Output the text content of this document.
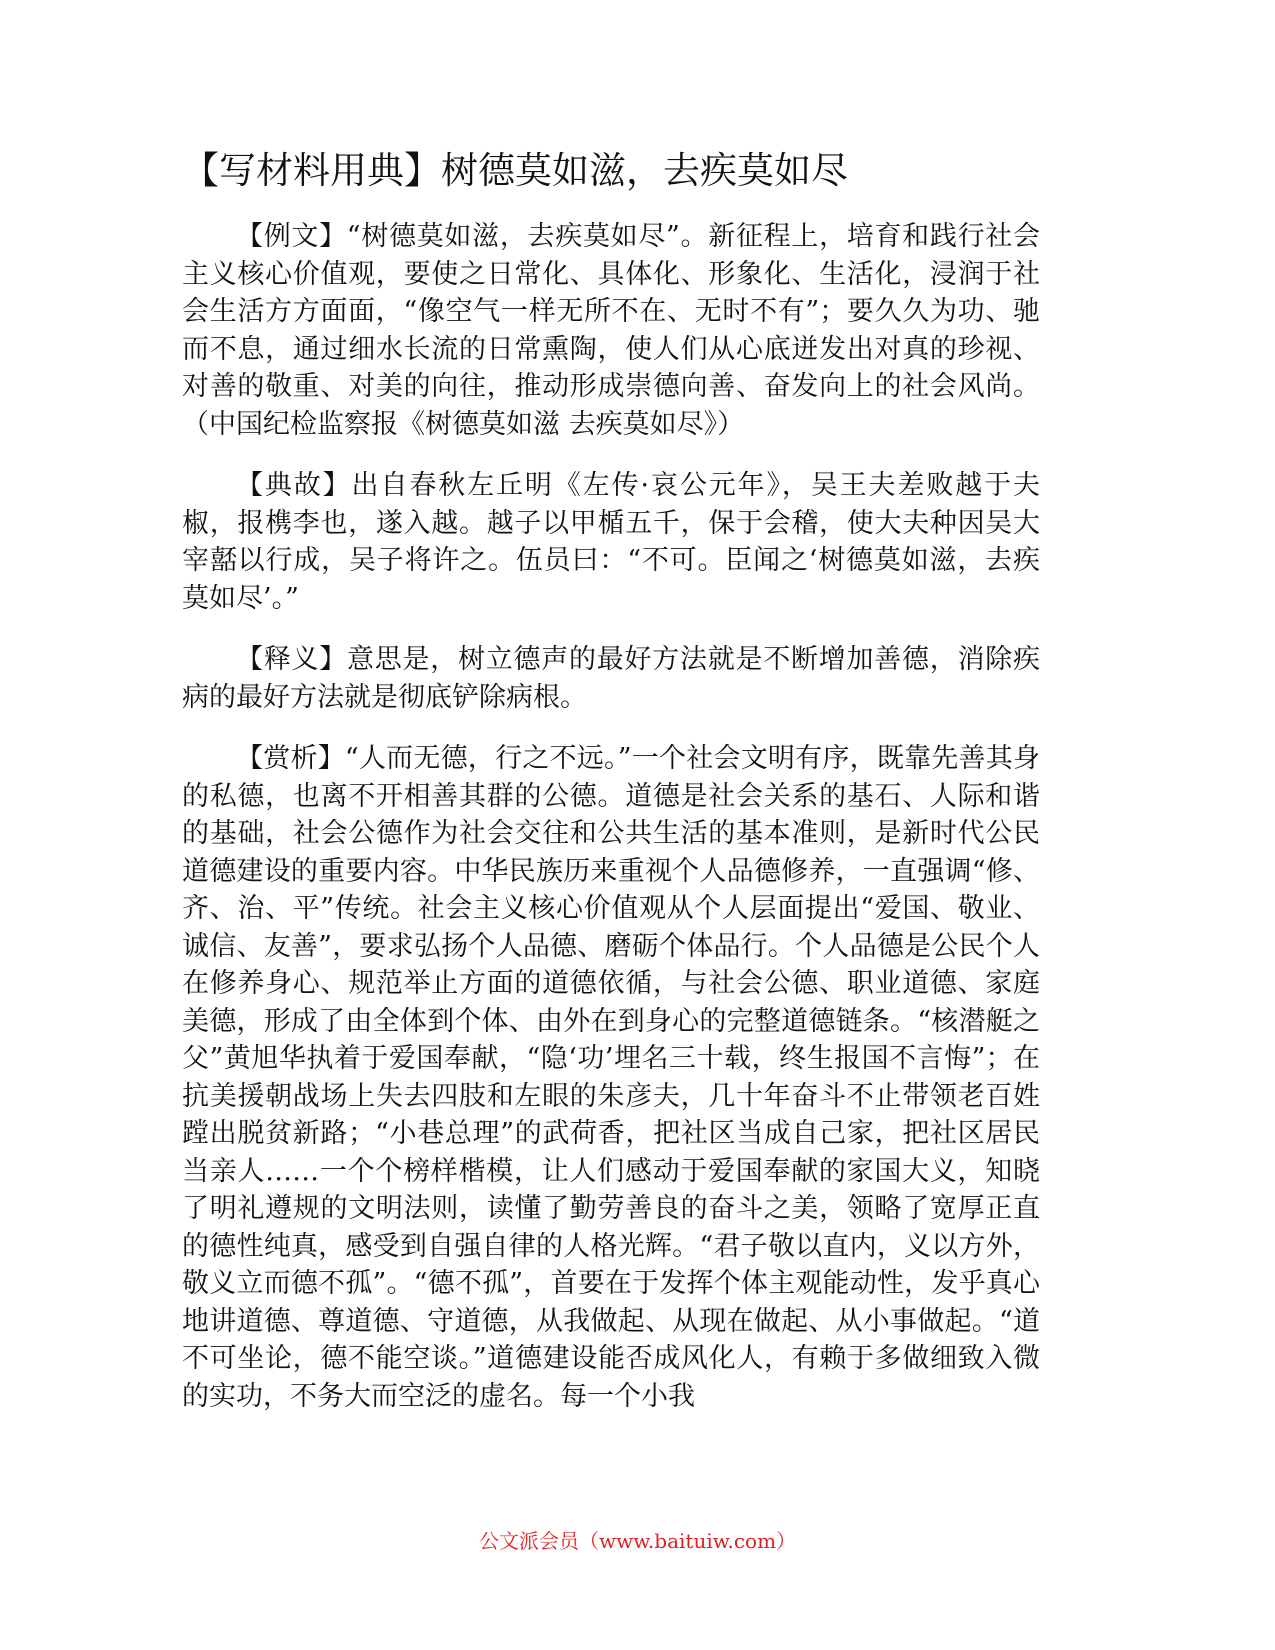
【写材料用典】树德莫如滋，去疾莫如尽

【例文】“树德莫如滋，去疾莫如尽”。新征程上，培育和践行社会主义核心价值观，要使之日常化、具体化、形象化、生活化，浸润于社会生活方方面面，“像空气一样无所不在、无时不有”；要久久为功、驰而不息，通过细水长流的日常熏陶，使人们从心底迸发出对真的珍视、对善的敬重、对美的向往，推动形成崇德向善、奋发向上的社会风尚。（中国纪检监察报《树德莫如滋 去疾莫如尽》）

【典故】出自春秋左丘明《左传·哀公元年》，吴王夫差败越于夫椒，报槜李也，遂入越。越子以甲楯五千，保于会稽，使大夫种因吴大宰嚭以行成，吴子将许之。伍员曰：“不可。臣闻之‘树德莫如滋，去疾莫如尽’。”

【释义】意思是，树立德声的最好方法就是不断增加善德，消除疾病的最好方法就是彻底铲除病根。

【赏析】“人而无德，行之不远。”一个社会文明有序，既靠先善其身的私德，也离不开相善其群的公德。道德是社会关系的基石、人际和谐的基础，社会公德作为社会交往和公共生活的基本准则，是新时代公民道德建设的重要内容。中华民族历来重视个人品德修养，一直强调“修、齐、治、平”传统。社会主义核心价值观从个人层面提出“爱国、敬业、诚信、友善”，要求弘扬个人品德、磨砺个体品行。个人品德是公民个人在修养身心、规范举止方面的道德依循，与社会公德、职业道德、家庭美德，形成了由全体到个体、由外在到身心的完整道德链条。“核潜艇之父”黄旭华执着于爱国奉献，“隐‘功’埋名三十载，终生报国不言悔”；在抗美援朝战场上失去四肢和左眼的朱彦夫，几十年奋斗不止带领老百姓蹚出脱贫新路；“小巷总理”的武荷香，把社区当成自己家，把社区居民当亲人……一个个榜样楷模，让人们感动于爱国奉献的家国大义，知晓了明礼遵规的文明法则，读懂了勤劳善良的奋斗之美，领略了宽厚正直的德性纯真，感受到自强自律的人格光辉。“君子敬以直内，义以方外，敬义立而德不孤”。“德不孤”，首要在于发挥个体主观能动性，发乎真心地讲道德、尊道德、守道德，从我做起、从现在做起、从小事做起。“道不可坐论，德不能空谈。”道德建设能否成风化人，有赖于多做细致入微的实功，不务大而空泛的虚名。每一个小我

公文派会员（www.baituiw.com）
